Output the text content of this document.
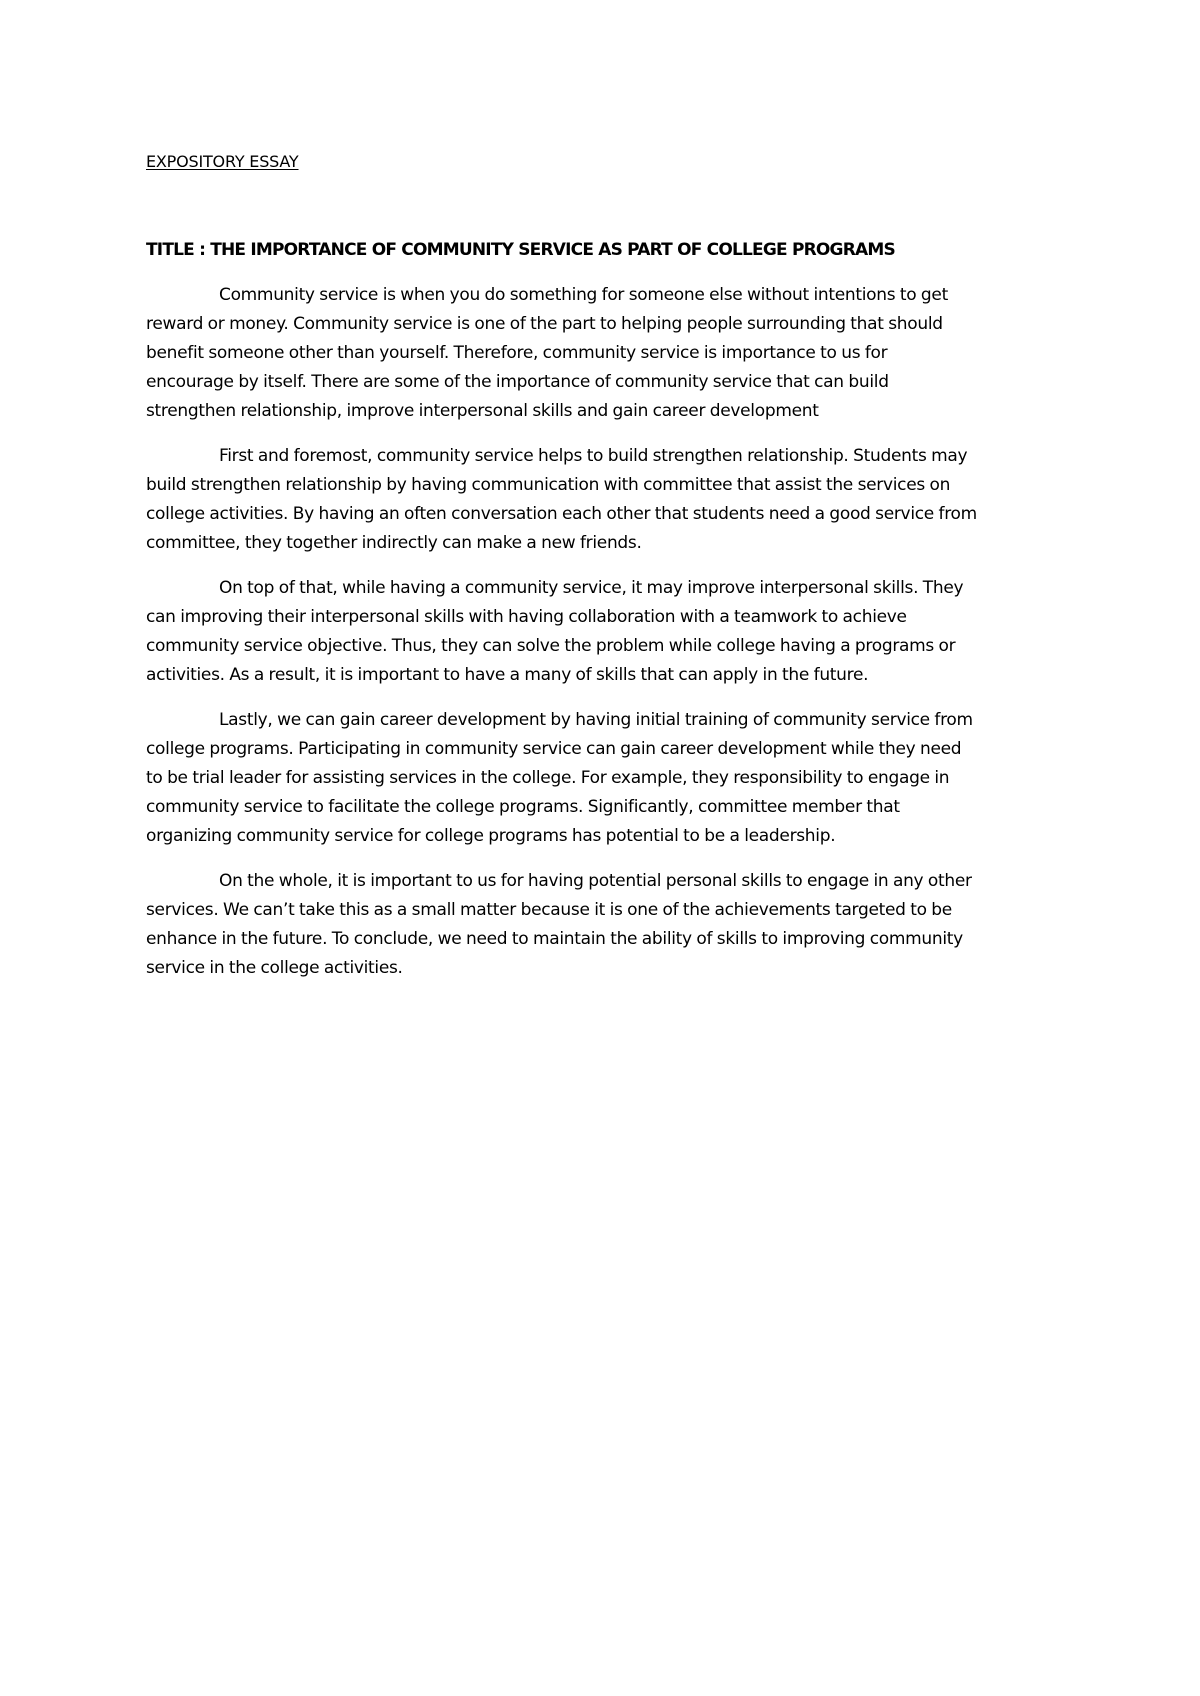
EXPOSITORY ESSAY
TITLE : THE IMPORTANCE OF COMMUNITY SERVICE AS PART OF COLLEGE PROGRAMS

Community service is when you do something for someone else without intentions to get
reward or money. Community service is one of the part to helping people surrounding that should
benefit someone other than yourself. Therefore, community service is importance to us for
encourage by itself. There are some of the importance of community service that can build
strengthen relationship, improve interpersonal skills and gain career development

First and foremost, community service helps to build strengthen relationship. Students may
build strengthen relationship by having communication with committee that assist the services on
college activities. By having an often conversation each other that students need a good service from
committee, they together indirectly can make a new friends.

On top of that, while having a community service, it may improve interpersonal skills. They
can improving their interpersonal skills with having collaboration with a teamwork to achieve
community service objective. Thus, they can solve the problem while college having a programs or
activities. As a result, it is important to have a many of skills that can apply in the future.

Lastly, we can gain career development by having initial training of community service from
college programs. Participating in community service can gain career development while they need
to be trial leader for assisting services in the college. For example, they responsibility to engage in
community service to facilitate the college programs. Significantly, committee member that
organizing community service for college programs has potential to be a leadership.

On the whole, it is important to us for having potential personal skills to engage in any other
services. We can’t take this as a small matter because it is one of the achievements targeted to be
enhance in the future. To conclude, we need to maintain the ability of skills to improving community
service in the college activities.
